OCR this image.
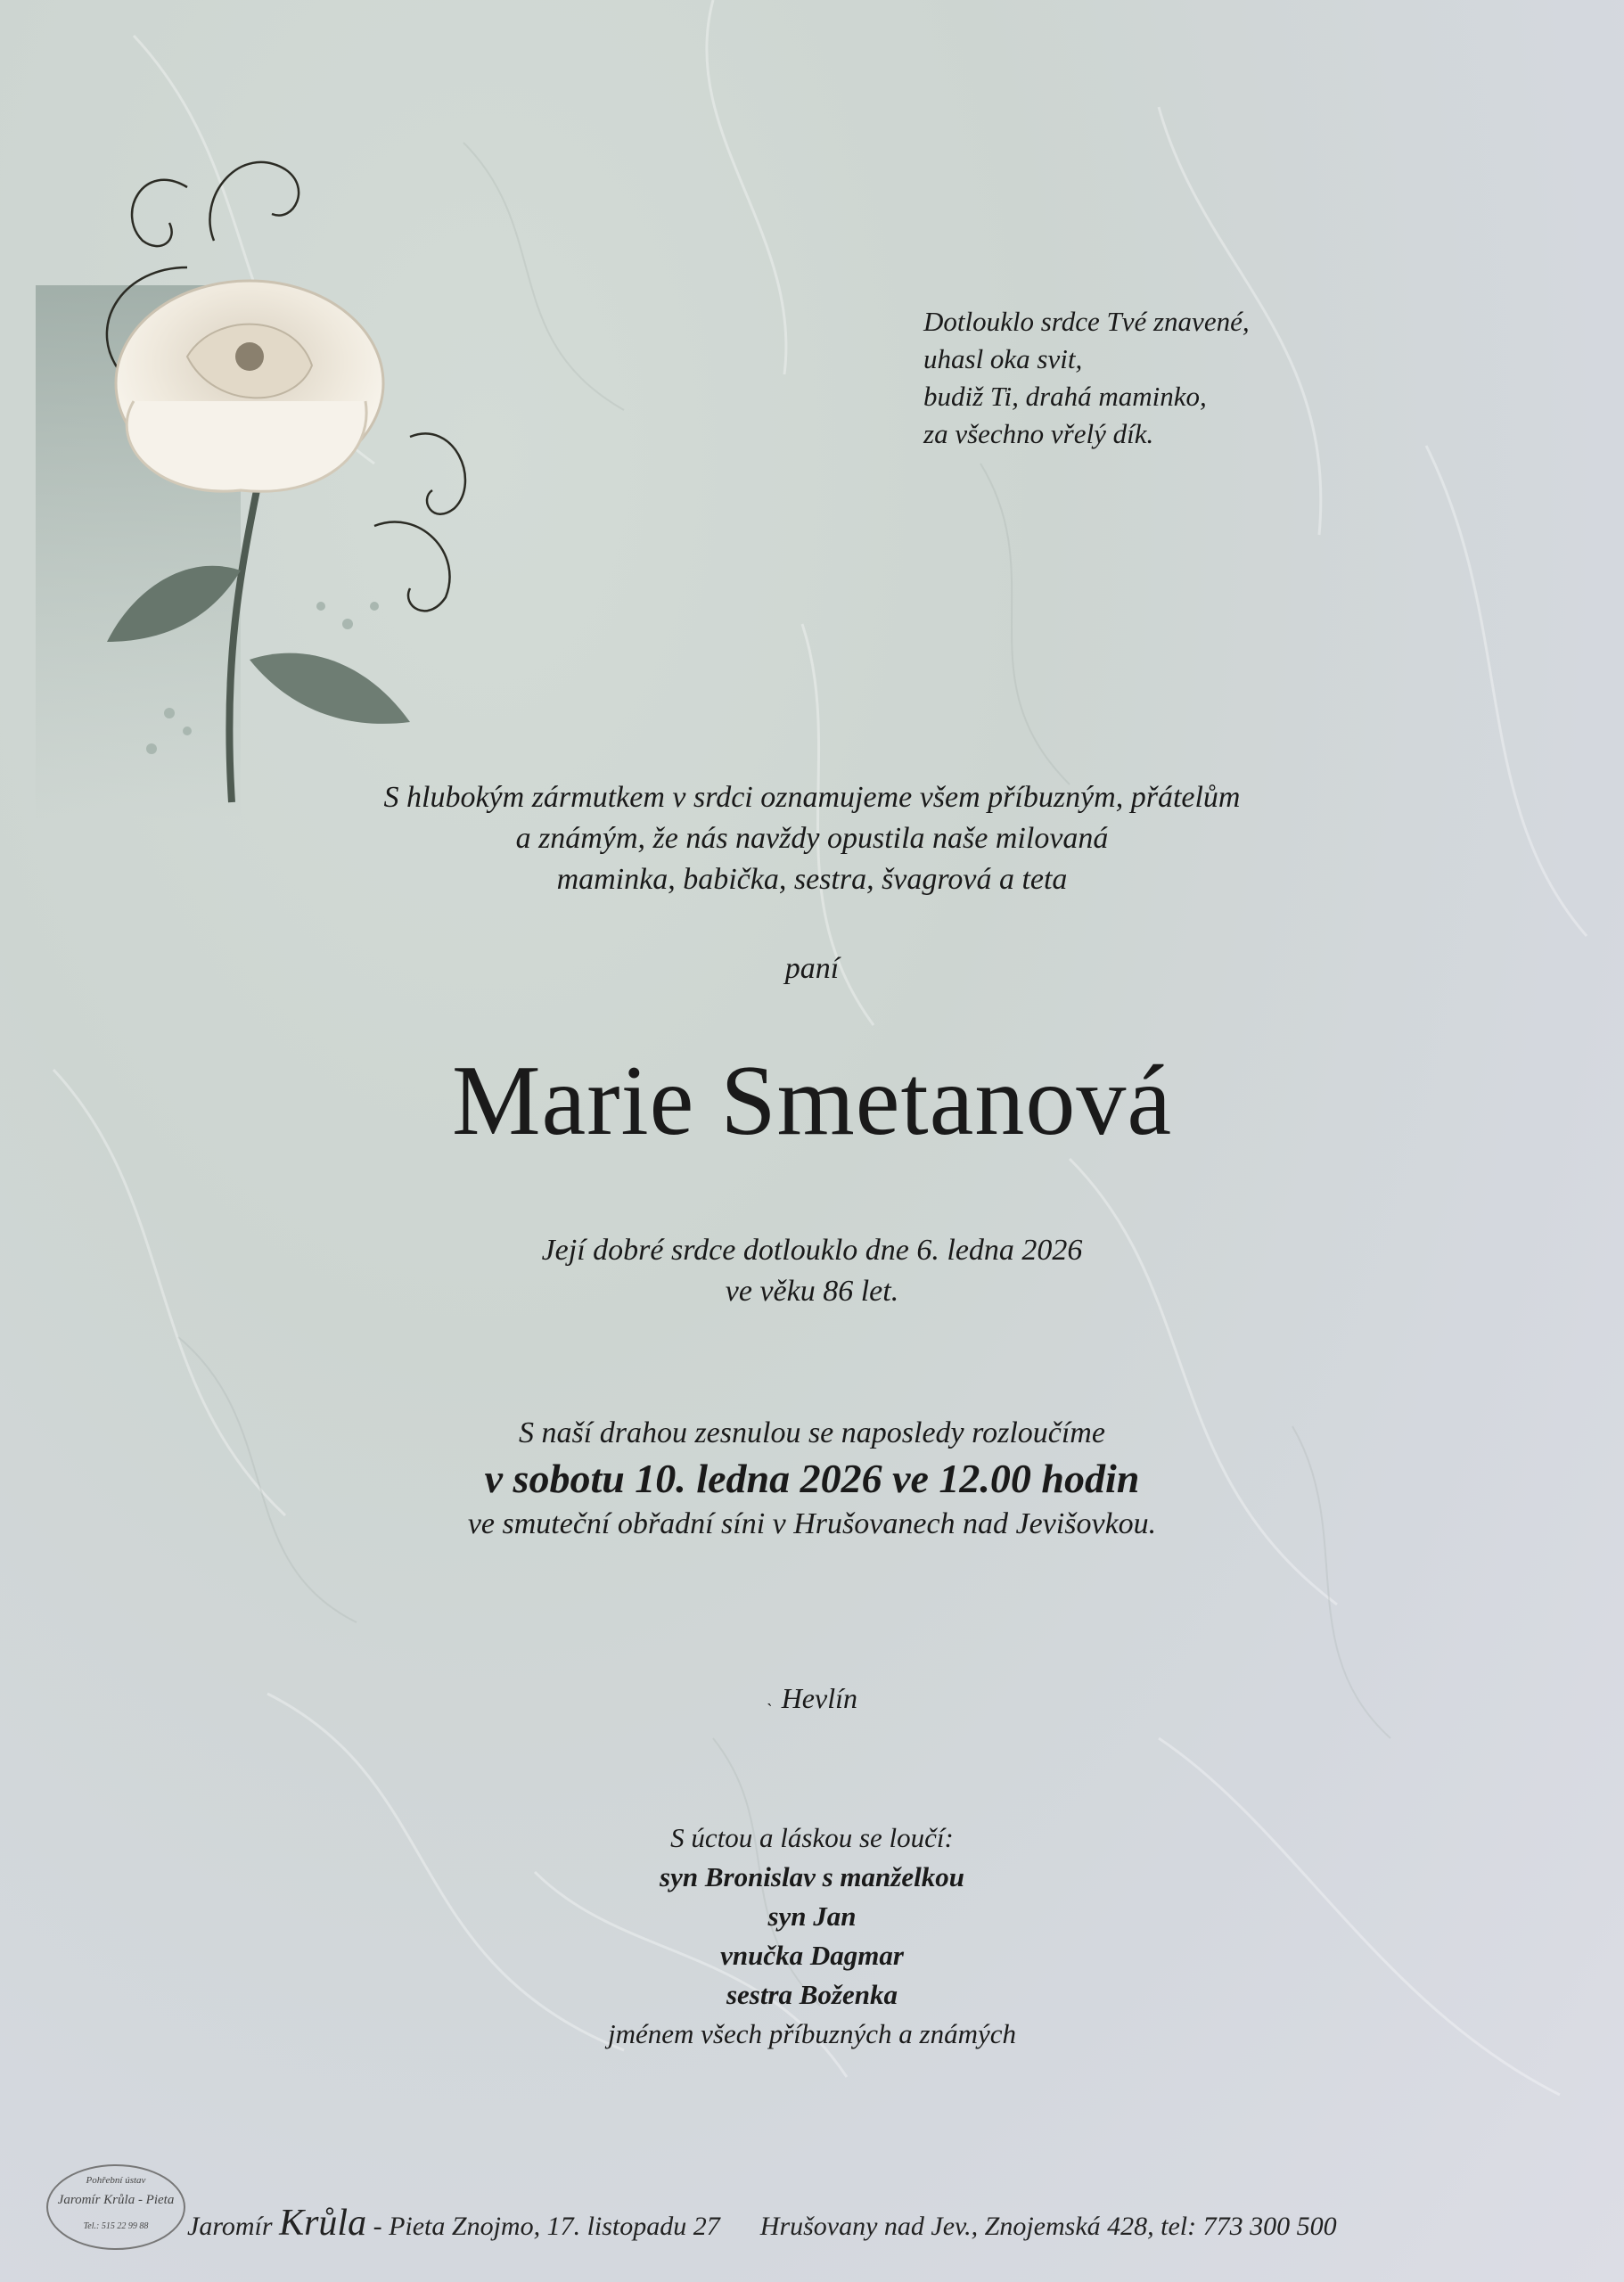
Dotlouklo srdce Tvé znavené,
uhasl oka svit,
budiž Ti, drahá maminko,
za všechno vřelý dík.
S hlubokým zármutkem v srdci oznamujeme všem příbuzným, přátelům
a známým, že nás navždy opustila naše milovaná
maminka, babička, sestra, švagrová a teta
paní
Marie Smetanová
Její dobré srdce dotlouklo dne 6. ledna 2026
ve věku 86 let.
S naší drahou zesnulou se naposledy rozloučíme
v sobotu 10. ledna 2026 ve 12.00 hodin
ve smuteční obřadní síni v Hrušovanech nad Jevišovkou.
˴ Hevlín
S úctou a láskou se loučí:
syn Bronislav s manželkou
syn Jan
vnučka Dagmar
sestra Boženka
jménem všech příbuzných a známých
Pohřební ústav
Jaromír Krůla - Pieta
Tel.: 515 22 99 88	Jaromír Krůla - Pieta Znojmo, 17. listopadu 27 Hrušovany nad Jev., Znojemská 428, tel: 773 300 500
